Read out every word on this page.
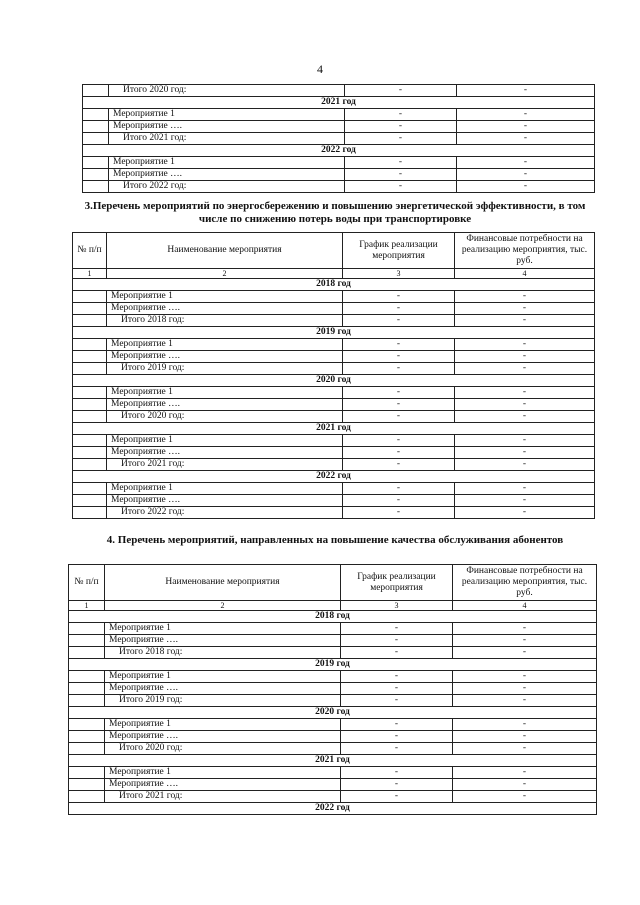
4
	Итого 2020 год:	-	-
2021 год			
	Мероприятие 1	-	-
	Мероприятие ….	-	-
	Итого 2021 год:	-	-
2022 год			
	Мероприятие 1	-	-
	Мероприятие ….	-	-
	Итого 2022 год:	-	-
3.Перечень мероприятий по энергосбережению и повышению энергетической эффективности, в том числе по снижению потерь воды при транспортировке
№ п/п	Наименование мероприятия	График реализации мероприятия	Финансовые потребности на реализацию мероприятия, тыс. руб.
1	2	3	4
2018 год			
	Мероприятие 1	-	-
	Мероприятие ….	-	-
	Итого 2018 год:	-	-
2019 год			
	Мероприятие 1	-	-
	Мероприятие ….	-	-
	Итого 2019 год:	-	-
2020 год			
	Мероприятие 1	-	-
	Мероприятие ….	-	-
	Итого 2020 год:	-	-
2021 год			
	Мероприятие 1	-	-
	Мероприятие ….	-	-
	Итого 2021 год:	-	-
2022 год			
	Мероприятие 1	-	-
	Мероприятие ….	-	-
	Итого 2022 год:	-	-
4. Перечень мероприятий, направленных на повышение качества обслуживания абонентов
№ п/п	Наименование мероприятия	График реализации мероприятия	Финансовые потребности на реализацию мероприятия, тыс. руб.
1	2	3	4
2018 год			
	Мероприятие 1	-	-
	Мероприятие ….	-	-
	Итого 2018 год:	-	-
2019 год			
	Мероприятие 1	-	-
	Мероприятие ….	-	-
	Итого 2019 год:	-	-
2020 год			
	Мероприятие 1	-	-
	Мероприятие ….	-	-
	Итого 2020 год:	-	-
2021 год			
	Мероприятие 1	-	-
	Мероприятие ….	-	-
	Итого 2021 год:	-	-
2022 год			
